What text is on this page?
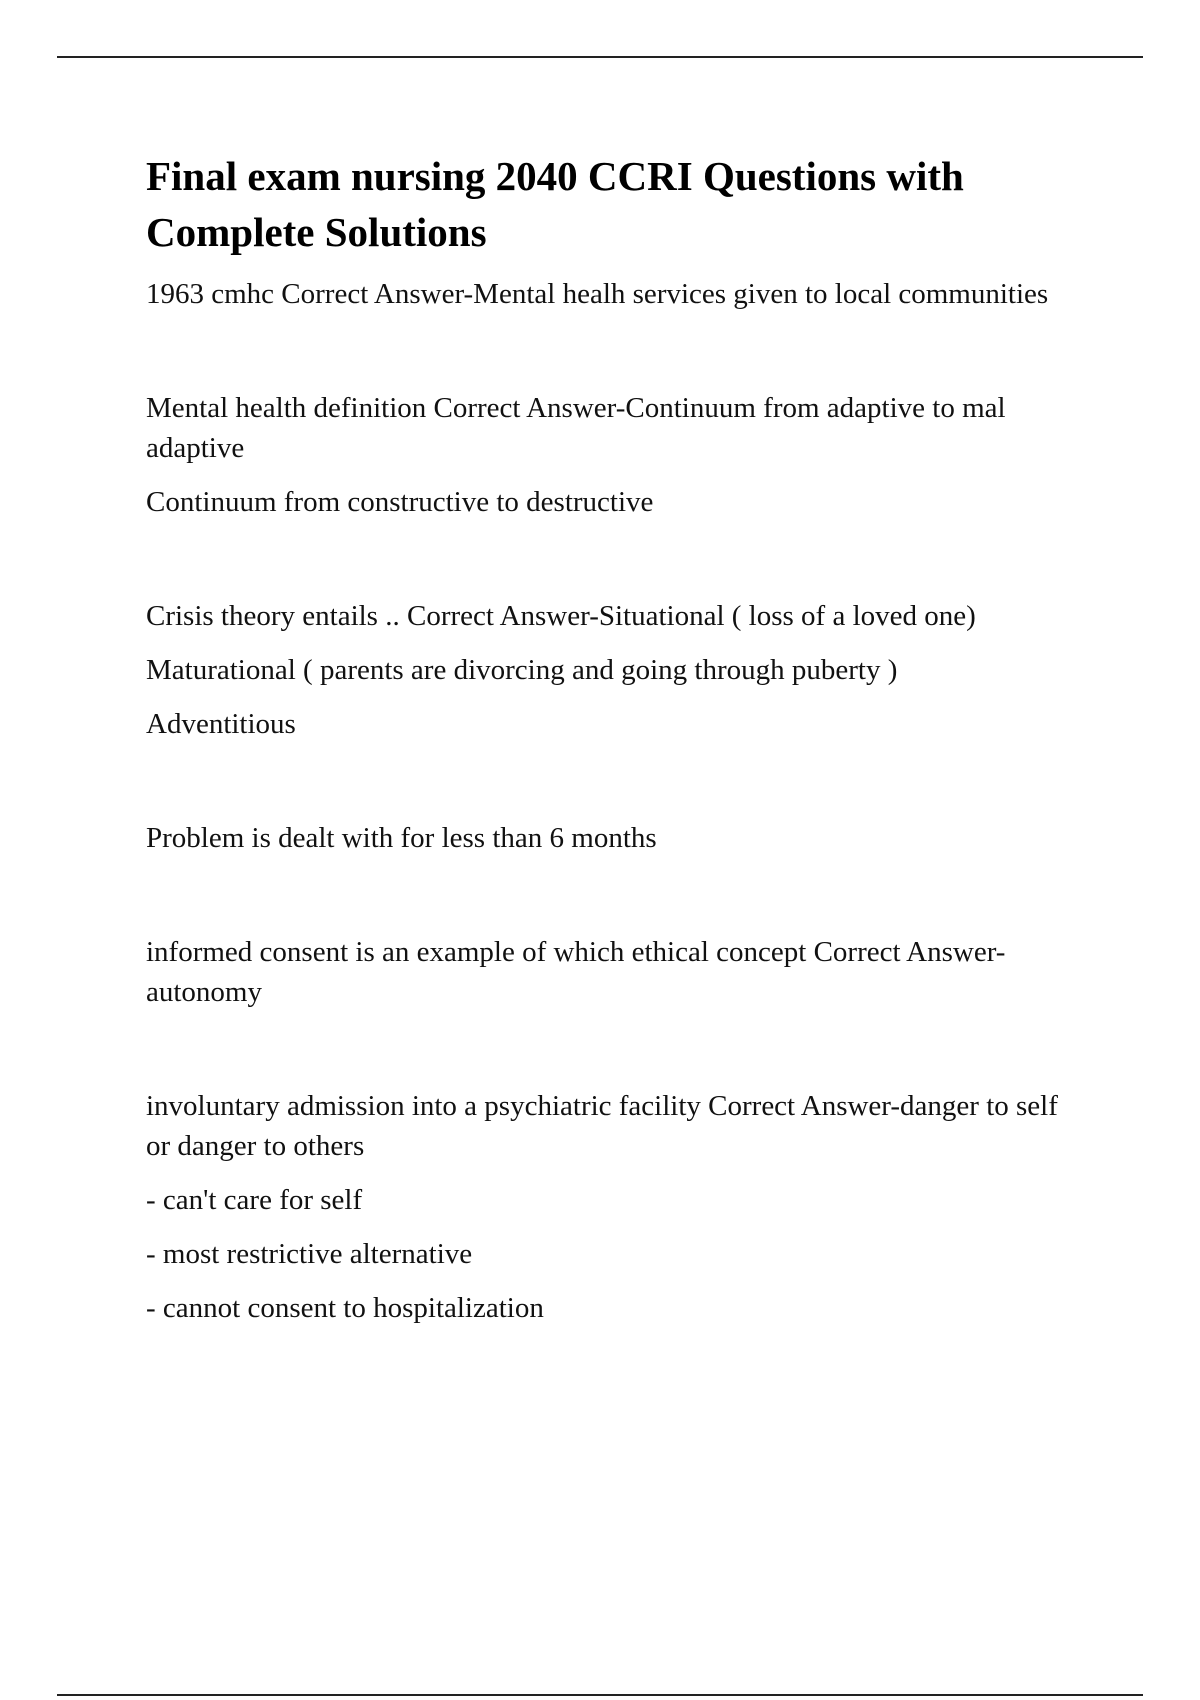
Final exam nursing 2040 CCRI Questions with Complete Solutions

1963 cmhc Correct Answer-Mental healh services given to local communities

Mental health definition Correct Answer-Continuum from adaptive to mal adaptive

Continuum from constructive to destructive

Crisis theory entails .. Correct Answer-Situational ( loss of a loved one)

Maturational ( parents are divorcing and going through puberty )

Adventitious

Problem is dealt with for less than 6 months

informed consent is an example of which ethical concept Correct Answer-autonomy

involuntary admission into a psychiatric facility Correct Answer-danger to self or danger to others

- can't care for self

- most restrictive alternative

- cannot consent to hospitalization
